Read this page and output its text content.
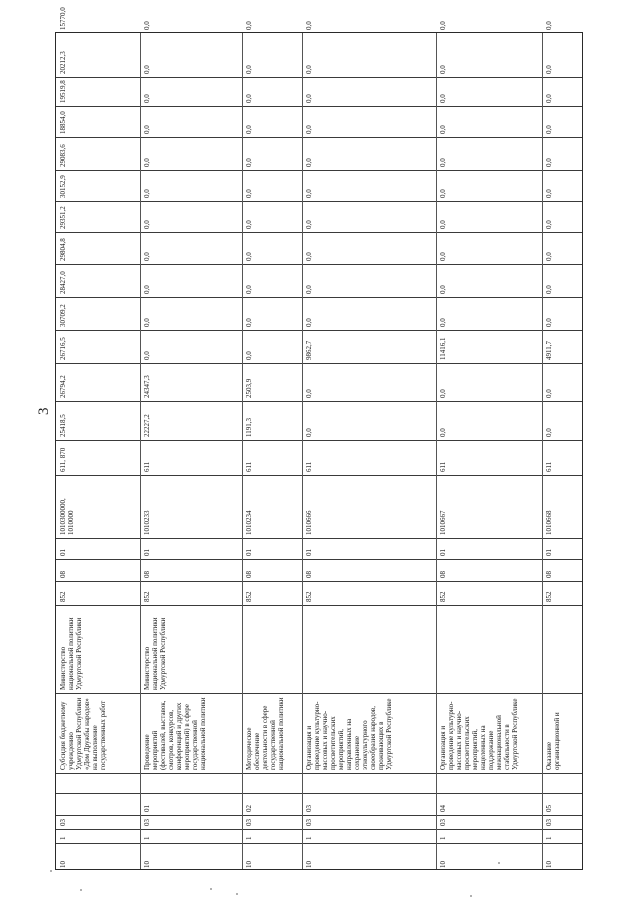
3
10
1
03
Субсидия бюджетному учреждению Удмуртской Республики «Дом Дружбы народов» на выполнение государственных работ
Министерство национальной политики Удмуртской Республики
852
08
01
1010300000, 1010000
611, 870
25418,5
26794,2
26716,5
30709,2
28427,0
29804,8
29351,2
30152,9
29083,6
18854,0
19519,8
20212,3
15770,0
10
1
03
01
Проведение мероприятий (фестивалей, выставок, смотров, конкурсов, конференций и других мероприятий) в сфере государственной национальной политики
Министерство национальной политики Удмуртской Республики
852
08
01
1010233
611
22227,2
24347,3
0,0
0,0
0,0
0,0
0,0
0,0
0,0
0,0
0,0
0,0
0,0
10
1
03
02
Методическое обеспечение деятельности в сфере государственной национальной политики
852
08
01
1010234
611
1191,3
2503,9
0,0
0,0
0,0
0,0
0,0
0,0
0,0
0,0
0,0
0,0
0,0
10
1
03
03
Организация и проведение культурно-массовых и научно-просветительских мероприятий, направленных на сохранение этнокультурного своеобразия народов, проживающих в Удмуртской Республике
852
08
01
1010666
611
0,0
0,0
9862,7
0,0
0,0
0,0
0,0
0,0
0,0
0,0
0,0
0,0
0,0
10
1
03
04
Организация и проведение культурно-массовых и научно-просветительских мероприятий, нацеленных на поддержание межнациональной стабильности в Удмуртской Республике
852
08
01
1010667
611
0,0
0,0
11416,1
0,0
0,0
0,0
0,0
0,0
0,0
0,0
0,0
0,0
0,0
10
1
03
05
Оказание организационной и
852
08
01
1010668
611
0,0
0,0
4911,7
0,0
0,0
0,0
0,0
0,0
0,0
0,0
0,0
0,0
0,0
